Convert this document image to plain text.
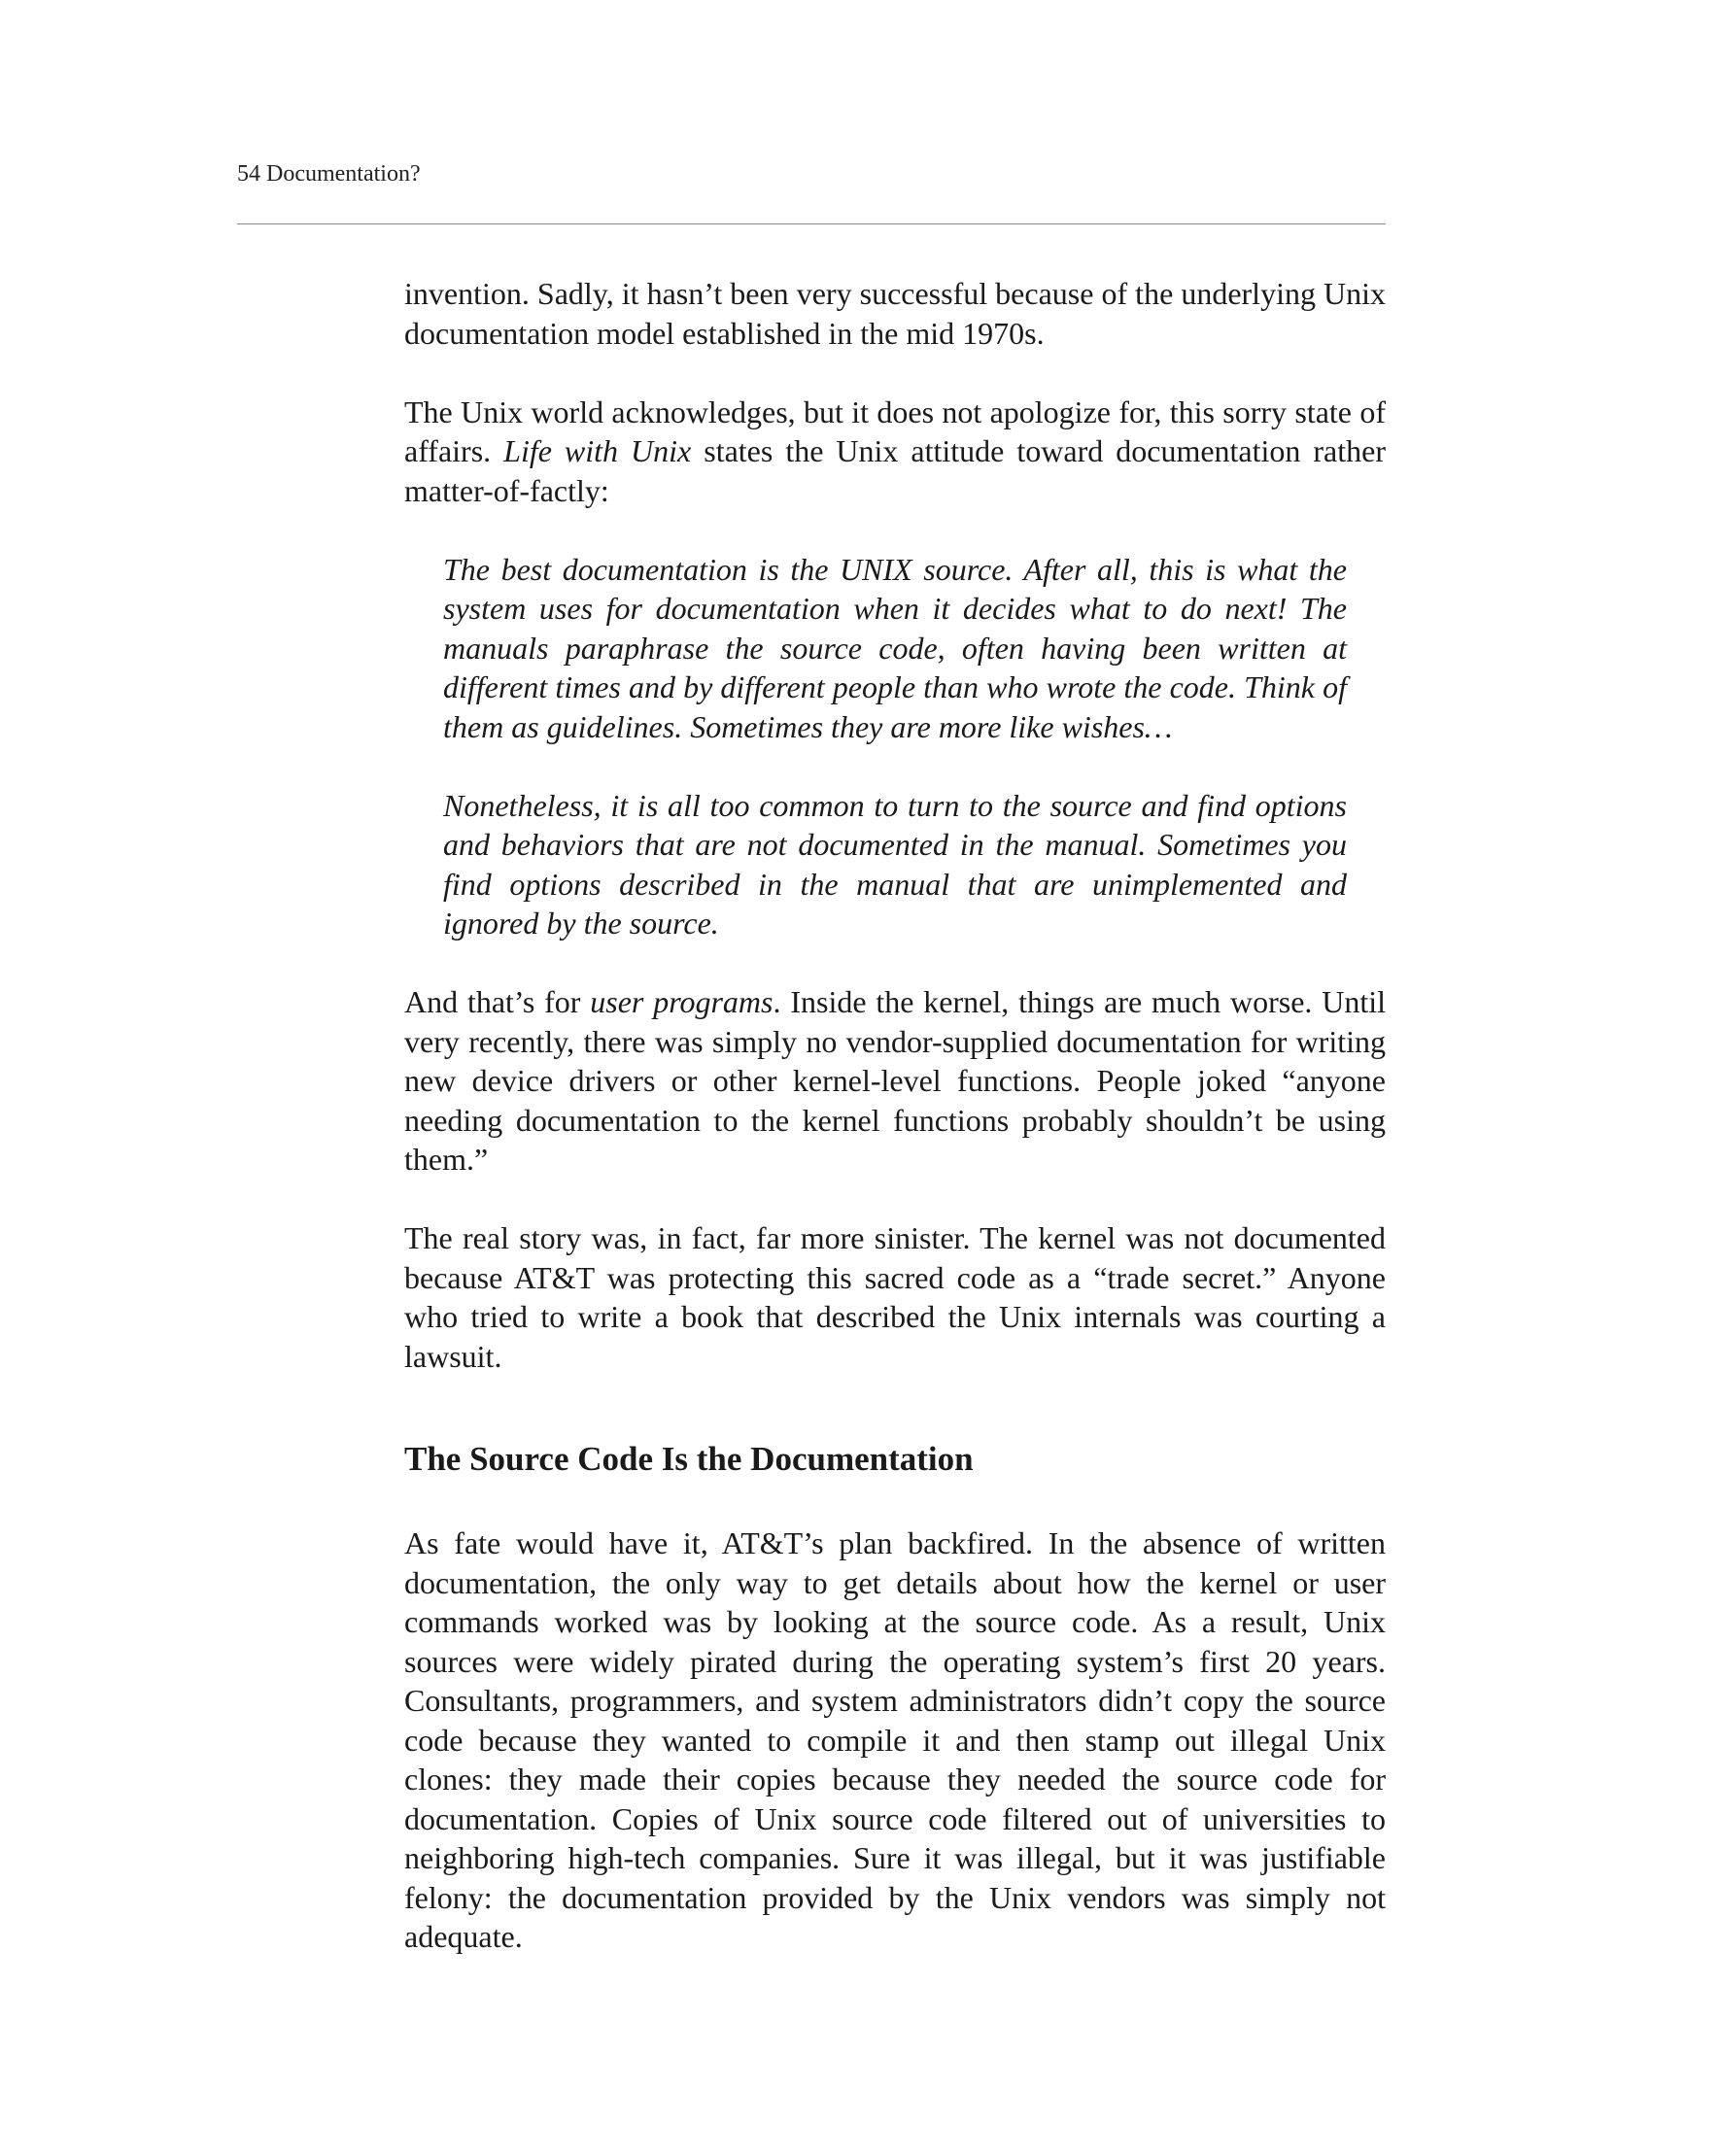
54 Documentation?

invention. Sadly, it hasn’t been very successful because of the underlying Unix documentation model established in the mid 1970s.

The Unix world acknowledges, but it does not apologize for, this sorry state of affairs. Life with Unix states the Unix attitude toward documentation rather matter-of-factly:

The best documentation is the UNIX source. After all, this is what the system uses for documentation when it decides what to do next! The manuals paraphrase the source code, often having been written at different times and by different people than who wrote the code. Think of them as guidelines. Sometimes they are more like wishes…

Nonetheless, it is all too common to turn to the source and find options and behaviors that are not documented in the manual. Sometimes you find options described in the manual that are unimplemented and ignored by the source.

And that’s for user programs. Inside the kernel, things are much worse. Until very recently, there was simply no vendor-supplied documentation for writing new device drivers or other kernel-level functions. People joked “anyone needing documentation to the kernel functions probably shouldn’t be using them.”

The real story was, in fact, far more sinister. The kernel was not documented because AT&T was protecting this sacred code as a “trade secret.” Anyone who tried to write a book that described the Unix internals was courting a lawsuit.

The Source Code Is the Documentation

As fate would have it, AT&T’s plan backfired. In the absence of written documentation, the only way to get details about how the kernel or user commands worked was by looking at the source code. As a result, Unix sources were widely pirated during the operating system’s first 20 years. Consultants, programmers, and system administrators didn’t copy the source code because they wanted to compile it and then stamp out illegal Unix clones: they made their copies because they needed the source code for documentation. Copies of Unix source code filtered out of universities to neighboring high-tech companies. Sure it was illegal, but it was justifiable felony: the documentation provided by the Unix vendors was simply not adequate.
